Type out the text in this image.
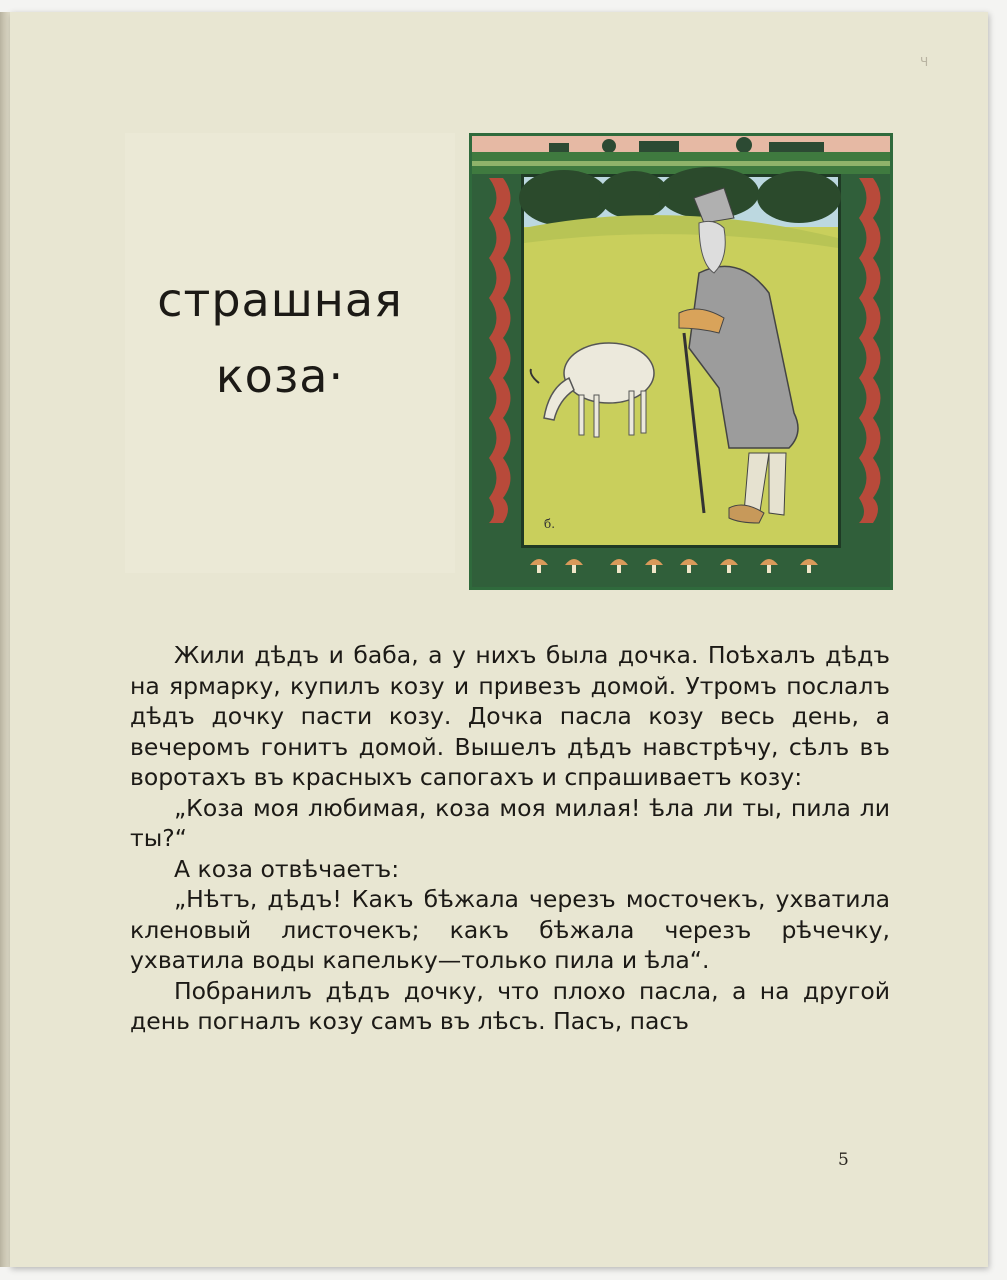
Ч
страшная
коза·
б.

Жили дѣдъ и баба, а у нихъ была дочка. Поѣхалъ дѣдъ на ярмарку, купилъ козу и привезъ домой. Утромъ послалъ дѣдъ дочку пасти козу. Дочка пасла козу весь день, а вечеромъ гонитъ домой. Вышелъ дѣдъ навстрѣчу, сѣлъ въ воротахъ въ красныхъ сапогахъ и спрашиваетъ козу:

„Коза моя любимая, коза моя милая! ѣла ли ты, пила ли ты?“

А коза отвѣчаетъ:

„Нѣтъ, дѣдъ! Какъ бѣжала черезъ мосточекъ, ухватила кленовый листочекъ; какъ бѣжала черезъ рѣчечку, ухватила воды капельку—только пила и ѣла“.

Побранилъ дѣдъ дочку, что плохо пасла, а на другой день погналъ козу самъ въ лѣсъ. Пасъ, пасъ

5
